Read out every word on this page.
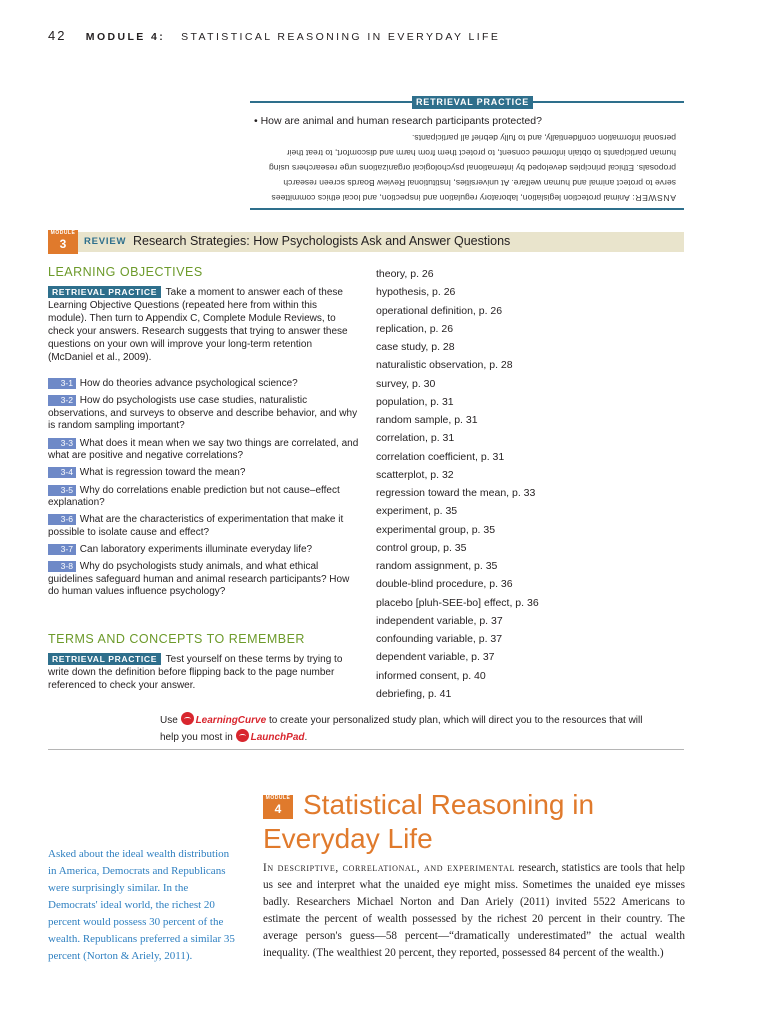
42 MODULE 4: STATISTICAL REASONING IN EVERYDAY LIFE
RETRIEVAL PRACTICE
• How are animal and human research participants protected?
ANSWER: Animal protection legislation, laboratory regulation and inspection, and local ethics committees serve to protect animal and human welfare. At universities, Institutional Review Boards screen research proposals. Ethical principles developed by international psychological organizations urge researchers using human participants to obtain informed consent, to protect them from harm and discomfort, to treat their personal information confidentially, and to fully debrief all participants.
MODULE
3	REVIEW Research Strategies: How Psychologists Ask and Answer Questions
LEARNING OBJECTIVES
RETRIEVAL PRACTICE Take a moment to answer each of these Learning Objective Questions (repeated here from within this module). Then turn to Appendix C, Complete Module Reviews, to check your answers. Research suggests that trying to answer these questions on your own will improve your long-term retention (McDaniel et al., 2009).
3-1 How do theories advance psychological science?
3-2 How do psychologists use case studies, naturalistic observations, and surveys to observe and describe behavior, and why is random sampling important?
3-3 What does it mean when we say two things are correlated, and what are positive and negative correlations?
3-4 What is regression toward the mean?
3-5 Why do correlations enable prediction but not cause–effect explanation?
3-6 What are the characteristics of experimentation that make it possible to isolate cause and effect?
3-7 Can laboratory experiments illuminate everyday life?
3-8 Why do psychologists study animals, and what ethical guidelines safeguard human and animal research participants? How do human values influence psychology?
TERMS AND CONCEPTS TO REMEMBER
RETRIEVAL PRACTICE Test yourself on these terms by trying to write down the definition before flipping back to the page number referenced to check your answer.
theory, p. 26
hypothesis, p. 26
operational definition, p. 26
replication, p. 26
case study, p. 28
naturalistic observation, p. 28
survey, p. 30
population, p. 31
random sample, p. 31
correlation, p. 31
correlation coefficient, p. 31
scatterplot, p. 32
regression toward the mean, p. 33
experiment, p. 35
experimental group, p. 35
control group, p. 35
random assignment, p. 35
double-blind procedure, p. 36
placebo [pluh-SEE-bo] effect, p. 36
independent variable, p. 37
confounding variable, p. 37
dependent variable, p. 37
informed consent, p. 40
debriefing, p. 41
Use LearningCurve to create your personalized study plan, which will direct you to the resources that will help you most in LaunchPad.
MODULE
4 Statistical Reasoning in
Everyday Life
Asked about the ideal wealth distribution in America, Democrats and Republicans were surprisingly similar. In the Democrats' ideal world, the richest 20 percent would possess 30 percent of the wealth. Republicans preferred a similar 35 percent (Norton & Ariely, 2011).
In descriptive, correlational, and experimental research, statistics are tools that help us see and interpret what the unaided eye might miss. Sometimes the unaided eye misses badly. Researchers Michael Norton and Dan Ariely (2011) invited 5522 Americans to estimate the percent of wealth possessed by the richest 20 percent in their country. The average person's guess—58 percent—“dramatically underestimated” the actual wealth inequality. (The wealthiest 20 percent, they reported, possessed 84 percent of the wealth.)
